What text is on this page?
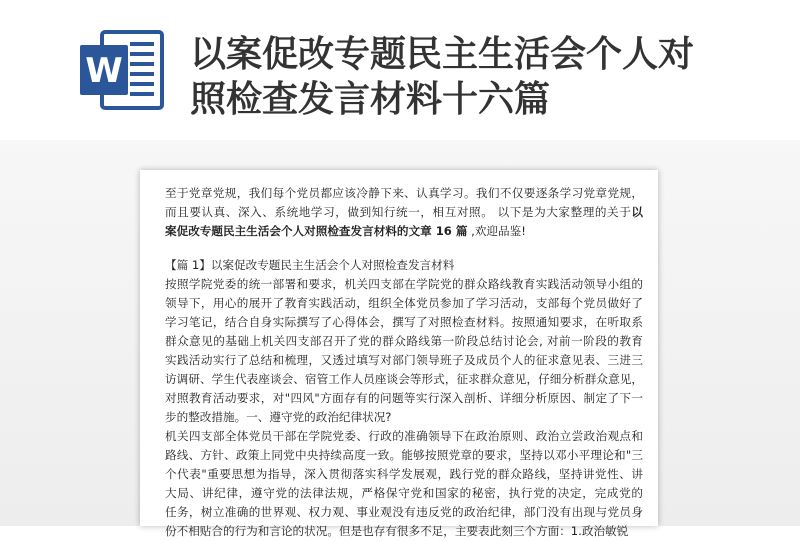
W 以案促改专题民主生活会个人对
照检查发言材料十六篇
至于党章党规，我们每个党员都应该冷静下来、认真学习。我们不仅要逐条学习党章党规，
而且要认真、深入、系统地学习，做到知行统一，相互对照。 以下是为大家整理的关于以
案促改专题民主生活会个人对照检查发言材料的文章 16 篇 ,欢迎品鉴!
【篇 1】以案促改专题民主生活会个人对照检查发言材料
按照学院党委的统一部署和要求，机关四支部在学院党的群众路线教育实践活动领导小组的
领导下，用心的展开了教育实践活动，组织全体党员参加了学习活动，支部每个党员做好了
学习笔记，结合自身实际撰写了心得体会，撰写了对照检查材料。按照通知要求，在听取系
群众意见的基础上机关四支部召开了党的群众路线第一阶段总结讨论会, 对前一阶段的教育
实践活动实行了总结和梳理，又透过填写对部门领导班子及成员个人的征求意见表、三进三
访调研、学生代表座谈会、宿管工作人员座谈会等形式，征求群众意见，仔细分析群众意见，
对照教育活动要求，对"四风"方面存有的问题等实行深入剖析、详细分析原因、制定了下一
步的整改措施。一、遵守党的政治纪律状况?
机关四支部全体党员干部在学院党委、行政的准确领导下在政治原则、政治立尝政治观点和
路线、方针、政策上同党中央持续高度一致。能够按照党章的要求，坚持以邓小平理论和"三
个代表"重要思想为指导，深入贯彻落实科学发展观，践行党的群众路线，坚持讲党性、讲
大局、讲纪律，遵守党的法律法规，严格保守党和国家的秘密，执行党的决定，完成党的
任务，树立准确的世界观、权力观、事业观没有违反党的政治纪律，部门没有出现与党员身
份不相贴合的行为和言论的状况。但是也存有很多不足，主要表此刻三个方面：1.政治敏锐
